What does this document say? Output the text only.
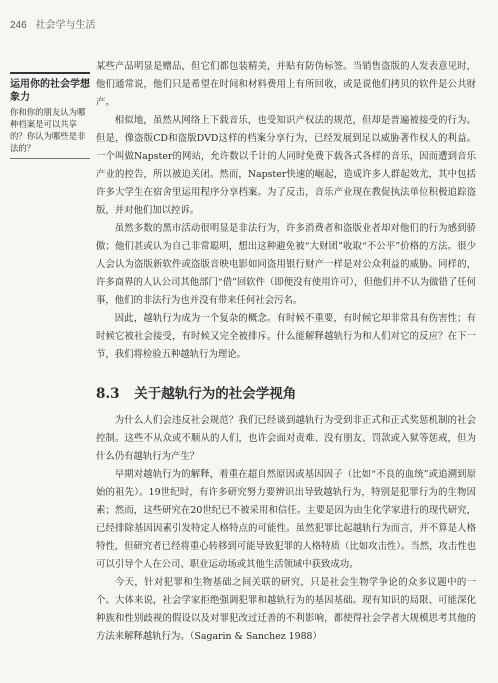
246 社会学与生活
运用你的社会学想象力
你和你的朋友认为哪种档案是可以共享的？你认为哪些是非法的？

某些产品明显是赠品，但它们都包装精美，并贴有防伪标签。当销售盗版的人发表意见时，他们通常说，他们只是希望在时间和材料费用上有所回收，或是说他们拷贝的软件是公共财产。

相似地，虽然从网络上下载音乐，也受知识产权法的规范，但却是普遍被接受的行为。但是，像盗版CD和盗版DVD这样的档案分享行为，已经发展到足以威胁著作权人的利益。一个叫做Napster的网站，允许数以千计的人同时免费下载各式各样的音乐，因而遭到音乐产业的控告，所以被迫关闭。然而，Napster快速的崛起，造成许多人群起效尤，其中包括许多大学生在宿舍里运用程序分享档案。为了反击，音乐产业现在教促执法单位积极追踪盗版，并对他们加以控诉。

虽然多数的黑市活动很明显是非法行为，许多消费者和盗版业者却对他们的行为感到骄傲；他们甚或认为自己非常聪明，想出这种避免被“大财团”收取“不公平”价格的方法。很少人会认为盗版新软件或盗版音映电影如同盗用银行财产一样是对公众利益的威胁。同样的，许多商界的人认公司其他部门“借”回软件（即便没有使用许可），但他们并不认为做错了任何事，他们的非法行为也并没有带来任何社会污名。

因此，越轨行为成为一个复杂的概念。有时候不重要，有时候它却非常具有伤害性；有时候它被社会接受，有时候又完全被排斥。什么能解释越轨行为和人们对它的反应？在下一节，我们将检验五种越轨行为理论。

8.3 关于越轨行为的社会学视角

为什么人们会违反社会规范？我们已经谈到越轨行为受到非正式和正式奖惩机制的社会控制。这些不从众或不顺从的人们，也许会面对责难、没有朋友、罚款或入狱等惩戒，但为什么仍有越轨行为产生？

早期对越轨行为的解释，着重在超自然原因或基因因子（比如“不良的血统”或追溯到原始的祖先）。19世纪时，有许多研究努力要辨识出导致越轨行为，特别是犯罪行为的生物因素；然而，这些研究在20世纪已不被采用和信任。主要是因为由生化学家进行的现代研究，已经排除基因因素引发特定人格特点的可能性。虽然犯罪比起越轨行为而言，并不算是人格特性，但研究者已经将重心转移到可能导致犯罪的人格特质（比如攻击性）。当然，攻击性也可以引导个人在公司、职业运动场或其他生活领域中获致成功。

今天，针对犯罪和生物基础之间关联的研究，只是社会生物学争论的众多议题中的一个。大体来说，社会学家拒绝强调犯罪和越轨行为的基因基础。现有知识的局限、可能深化种族和性别歧视的假设以及对罪犯改过迁善的不利影响，都使得社会学者大规模思考其他的方法来解释越轨行为。（Sagarin & Sanchez 1988）
